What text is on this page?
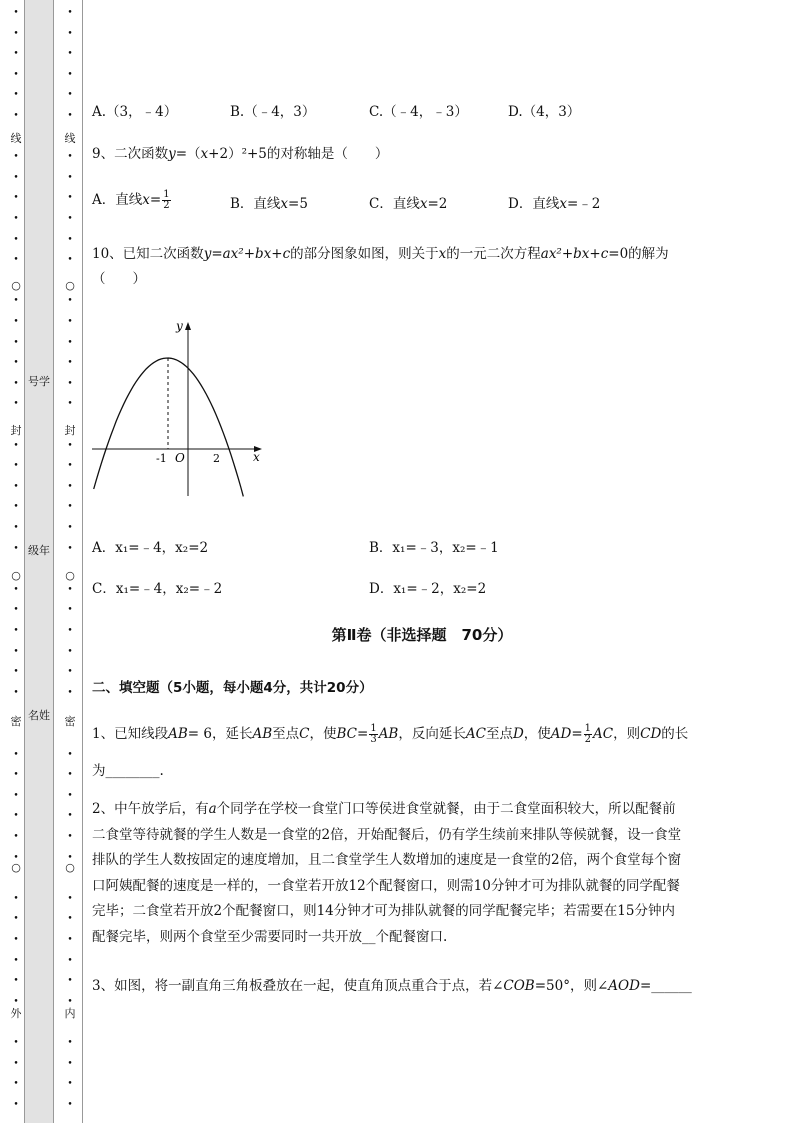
线
○
封
○
密
○
外
•
•
•
•
•
•
•
•
•
•
•
•
•
•
•
•
•
•
•
•
•
•
•
•
•
•
•
•
•
•
•
•
•
•
•
•
•
•
•
•
•
•
•
•
•
•
号学
级年
名姓
线
○
封
○
密
○
内
•
•
•
•
•
•
•
•
•
•
•
•
•
•
•
•
•
•
•
•
•
•
•
•
•
•
•
•
•
•
•
•
•
•
•
•
•
•
•
•
•
•
•
•
•
•
A.（3，﹣4）	B.（﹣4，3）	C.（﹣4，﹣3）	D.（4，3）
9、二次函数y=（x+2）²+5的对称轴是（　　）
A．直线$x= \frac{1}{2}$	B．直线x=5	C．直线x=2	D．直线x=﹣2
10、已知二次函数y=ax²+bx+c的部分图象如图，则关于x的一元二次方程ax²+bx+c=0的解为
（　　）
y
x
O
-1	2
A．x₁=﹣4，x₂=2	B．x₁=﹣3，x₂=﹣1
C．x₁=﹣4，x₂=﹣2	D．x₁=﹣2，x₂=2
第Ⅱ卷（非选择题　70分）
二、填空题（5小题，每小题4分，共计20分）
1、已知线段AB= 6，延长AB至点C，使$BC= \frac{1}{3}$ AB，反向延长AC至点D，使$AD= \frac{1}{2}$ AC，则CD的长
为________.
2、中午放学后，有a个同学在学校一食堂门口等侯进食堂就餐，由于二食堂面积较大，所以配餐前
二食堂等待就餐的学生人数是一食堂的2倍，开始配餐后，仍有学生续前来排队等候就餐，设一食堂
排队的学生人数按固定的速度增加，且二食堂学生人数增加的速度是一食堂的2倍，两个食堂每个窗
口阿姨配餐的速度是一样的，一食堂若开放12个配餐窗口，则需10分钟才可为排队就餐的同学配餐
完毕；二食堂若开放2个配餐窗口，则14分钟才可为排队就餐的同学配餐完毕；若需要在15分钟内
配餐完毕，则两个食堂至少需要同时一共开放__个配餐窗口.
3、如图，将一副直角三角板叠放在一起，使直角顶点重合于点，若∠COB=50°，则∠AOD=______
